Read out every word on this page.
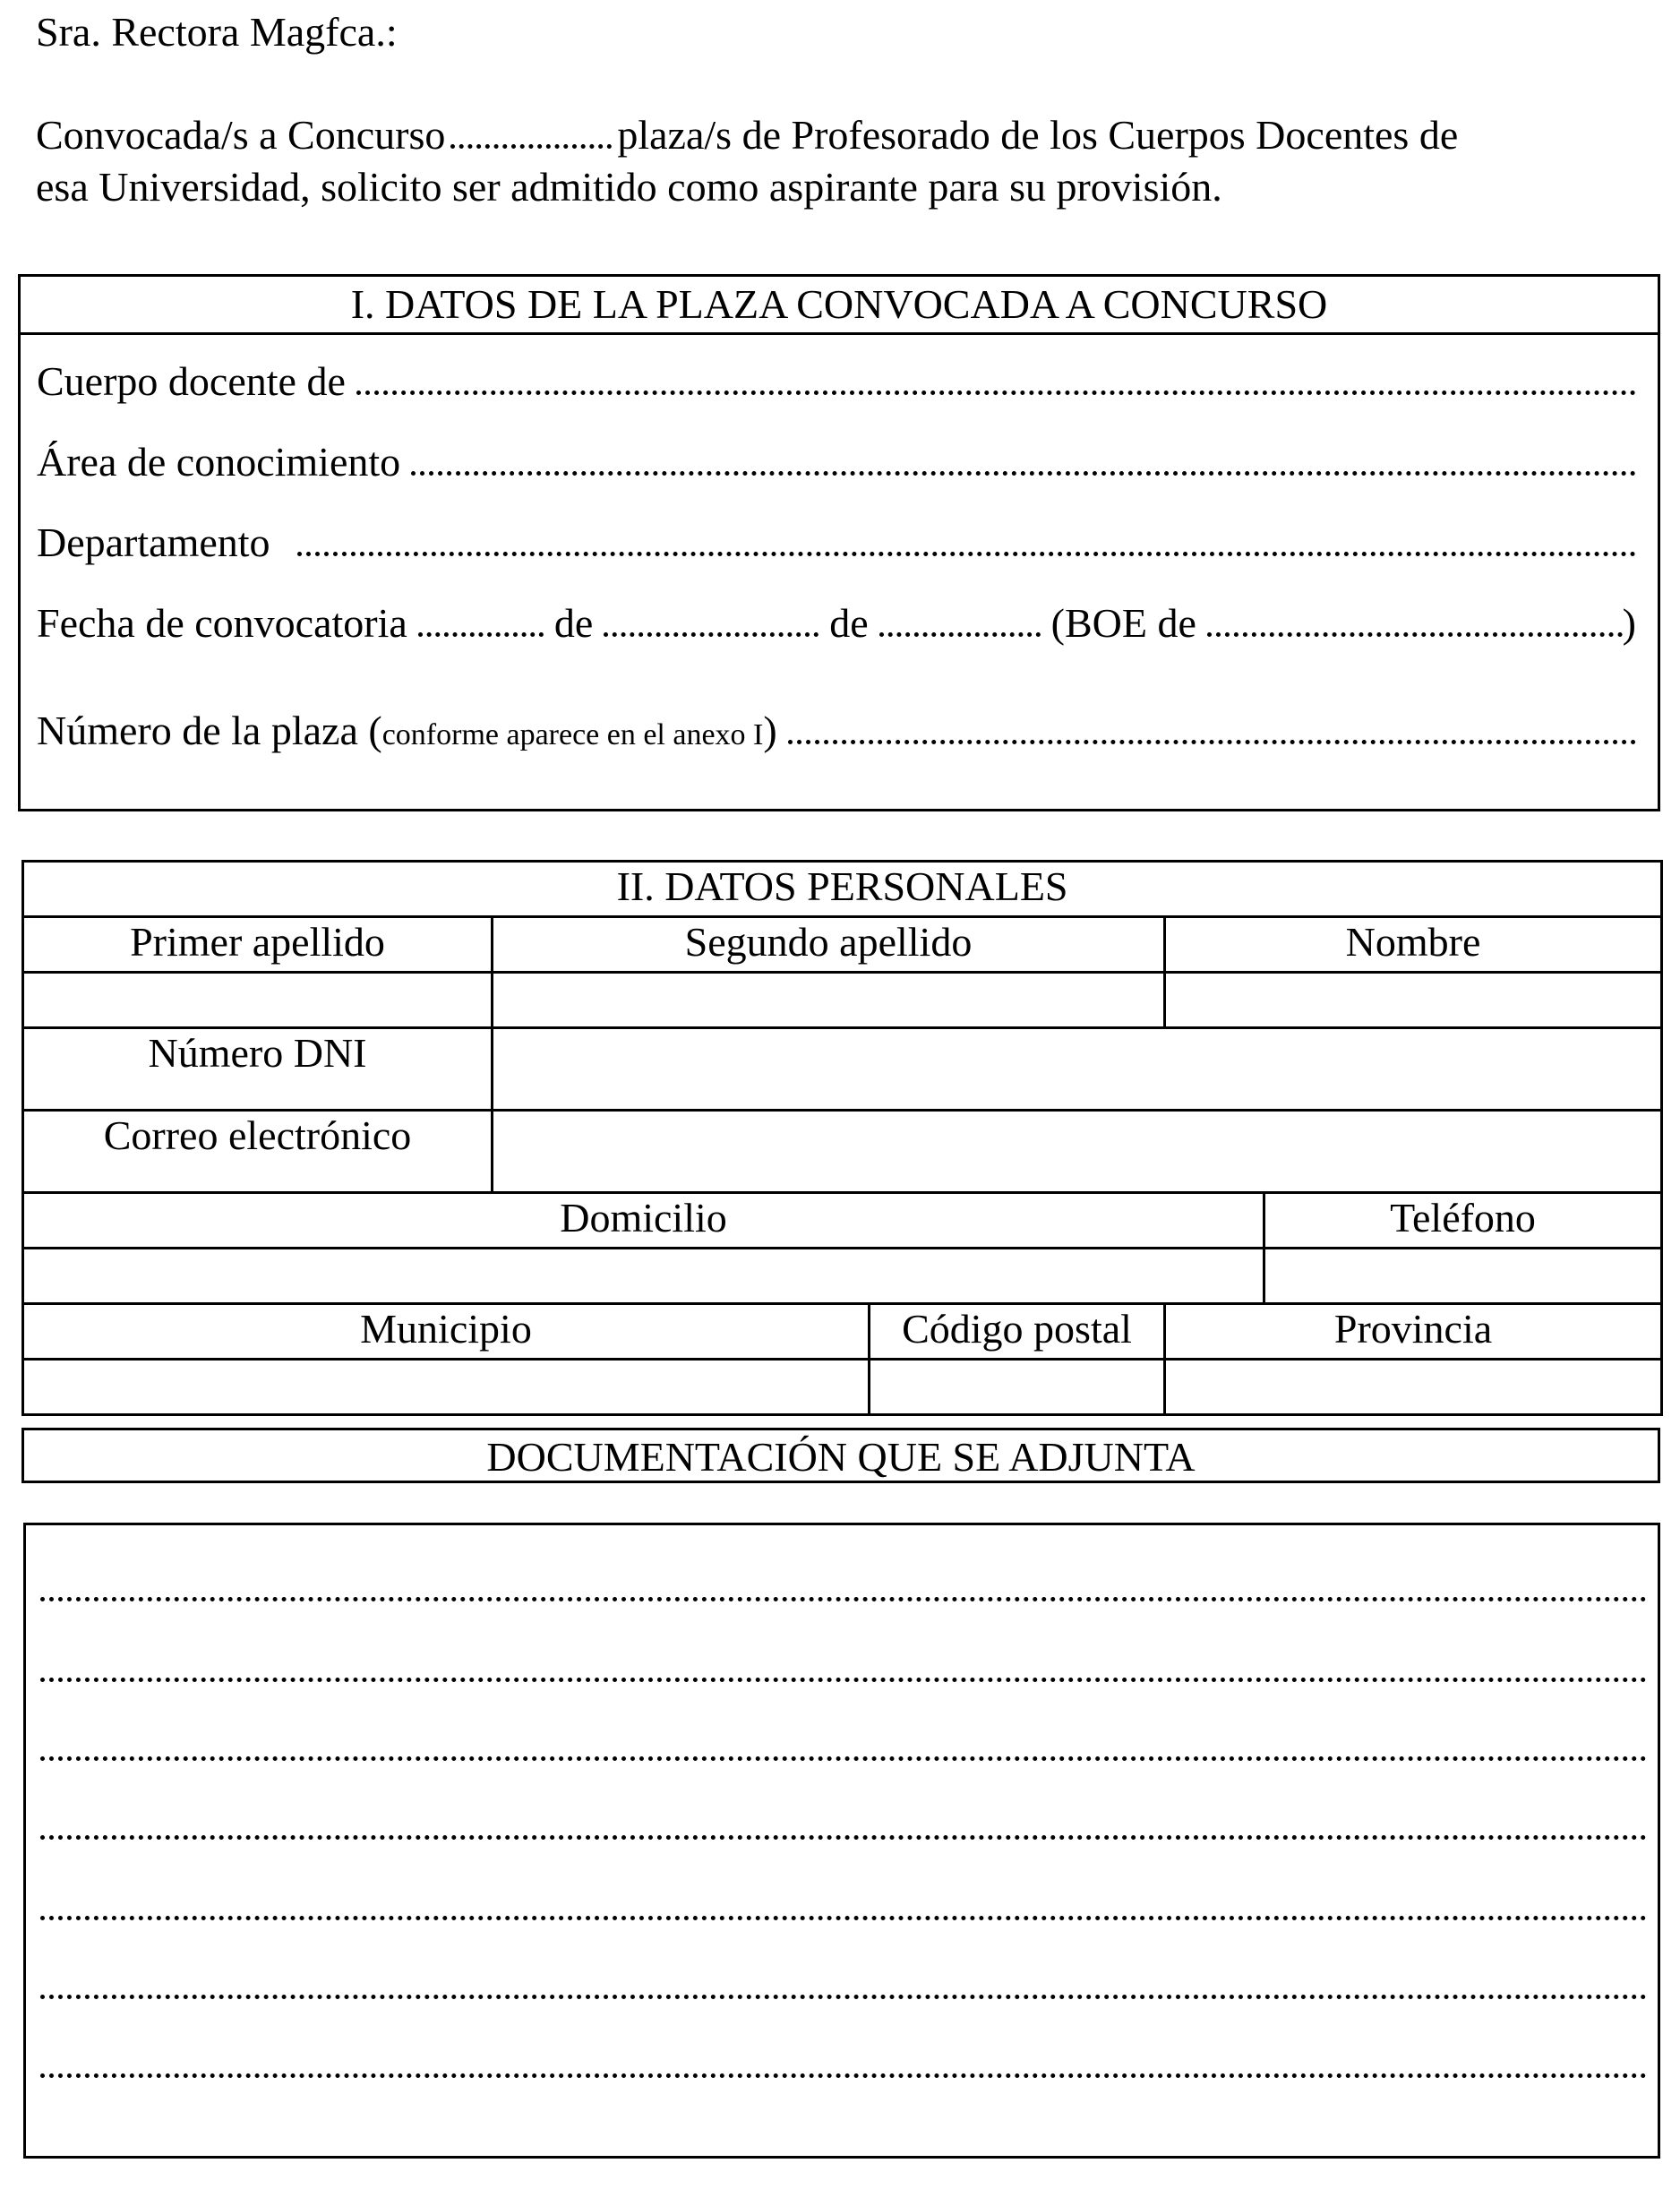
Sra. Rectora Magfca.:
Convocada/s a Concurso	plaza/s de Profesorado de los Cuerpos Docentes de
esa Universidad, solicito ser admitido como aspirante para su provisión.
I. DATOS DE LA PLAZA CONVOCADA A CONCURSO
Cuerpo docente de
Área de conocimiento
Departamento
Fecha de convocatoria	de	de	(BOE de	)
Número de la plaza ( conforme aparece en el anexo I )
II. DATOS PERSONALES				
Primer apellido	Segundo apellido		Nombre	

Número DNI				
Correo electrónico				
Domicilio				Teléfono

Municipio		Código postal	Provincia	

DOCUMENTACIÓN QUE SE ADJUNTA
